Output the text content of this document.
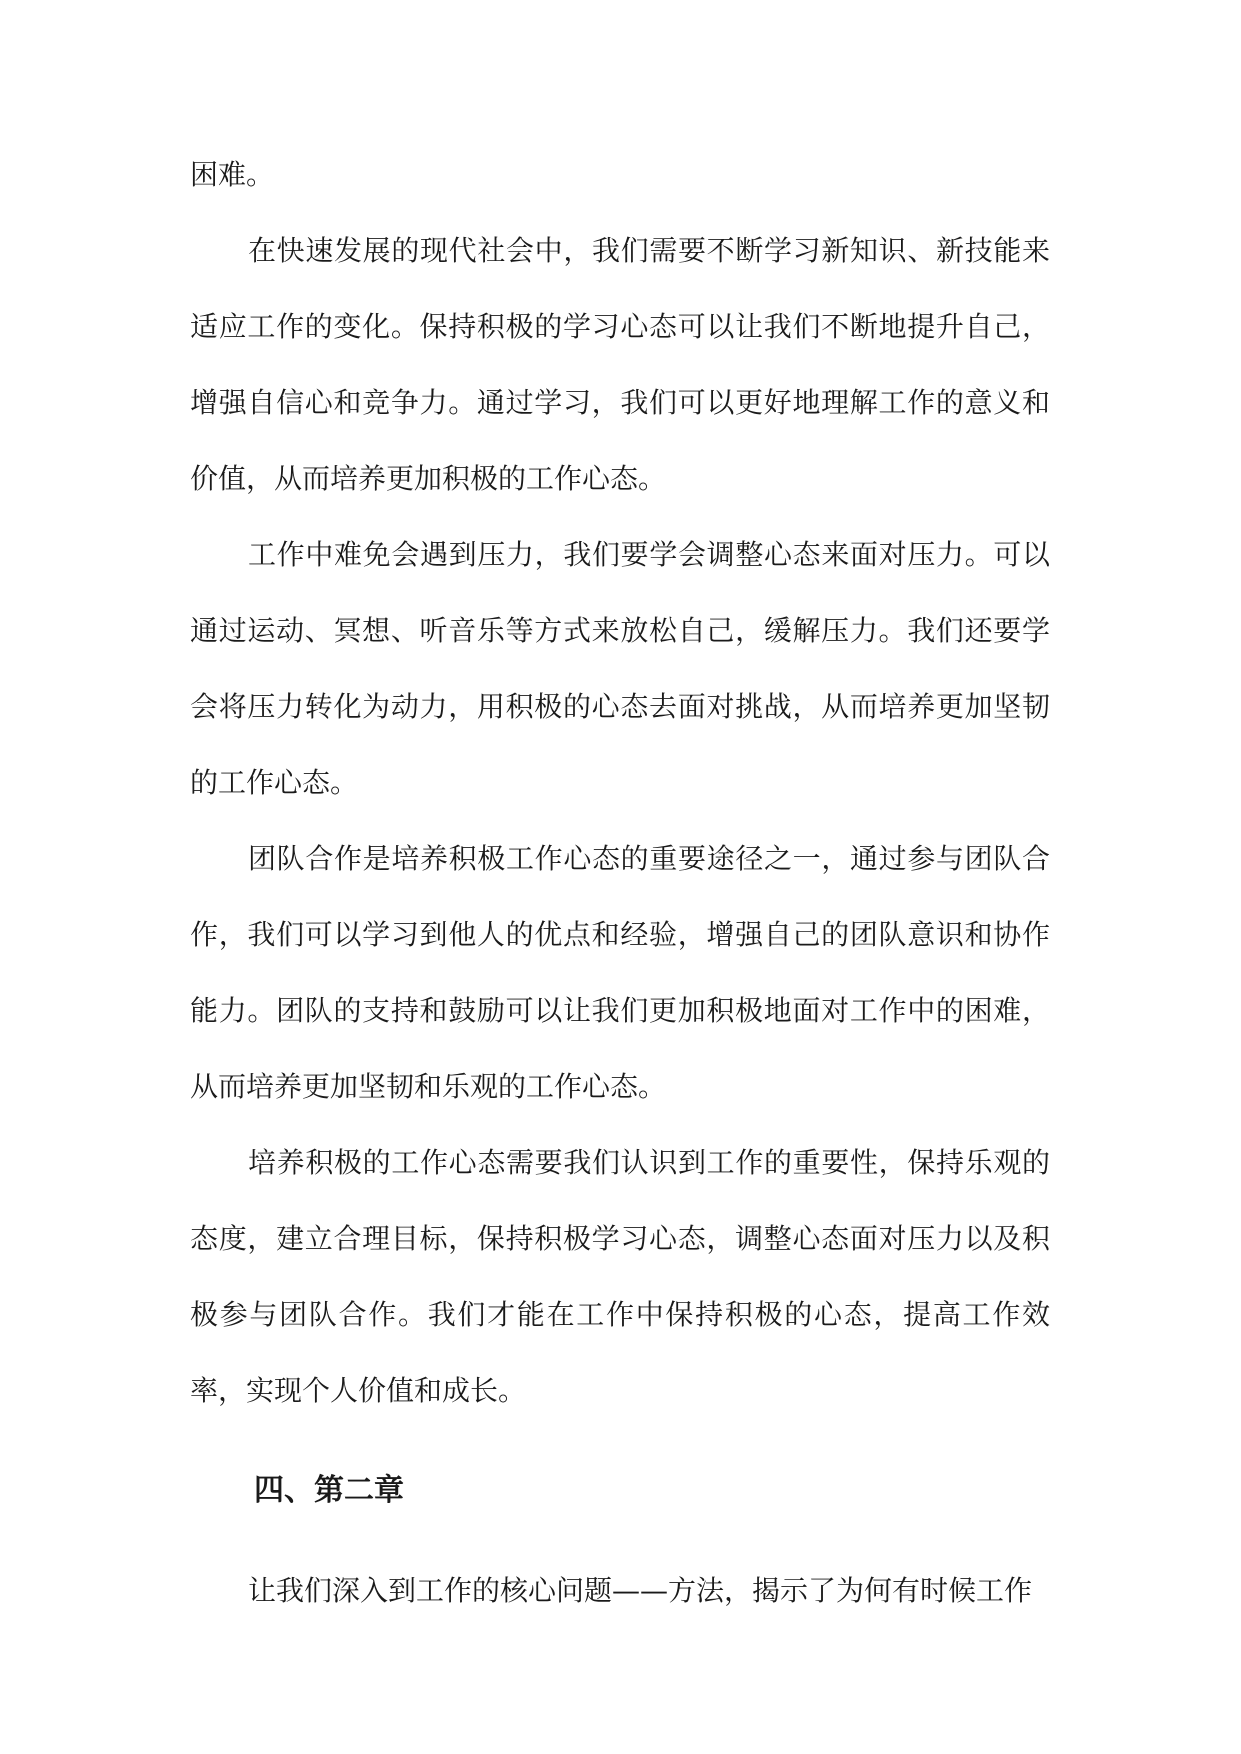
困难。

在快速发展的现代社会中，我们需要不断学习新知识、新技能来适应工作的变化。保持积极的学习心态可以让我们不断地提升自己，增强自信心和竞争力。通过学习，我们可以更好地理解工作的意义和价值，从而培养更加积极的工作心态。

工作中难免会遇到压力，我们要学会调整心态来面对压力。可以通过运动、冥想、听音乐等方式来放松自己，缓解压力。我们还要学会将压力转化为动力，用积极的心态去面对挑战，从而培养更加坚韧的工作心态。

团队合作是培养积极工作心态的重要途径之一，通过参与团队合作，我们可以学习到他人的优点和经验，增强自己的团队意识和协作能力。团队的支持和鼓励可以让我们更加积极地面对工作中的困难，从而培养更加坚韧和乐观的工作心态。

培养积极的工作心态需要我们认识到工作的重要性，保持乐观的态度，建立合理目标，保持积极学习心态，调整心态面对压力以及积极参与团队合作。我们才能在工作中保持积极的心态，提高工作效率，实现个人价值和成长。

四、第二章

让我们深入到工作的核心问题——方法，揭示了为何有时候工作
